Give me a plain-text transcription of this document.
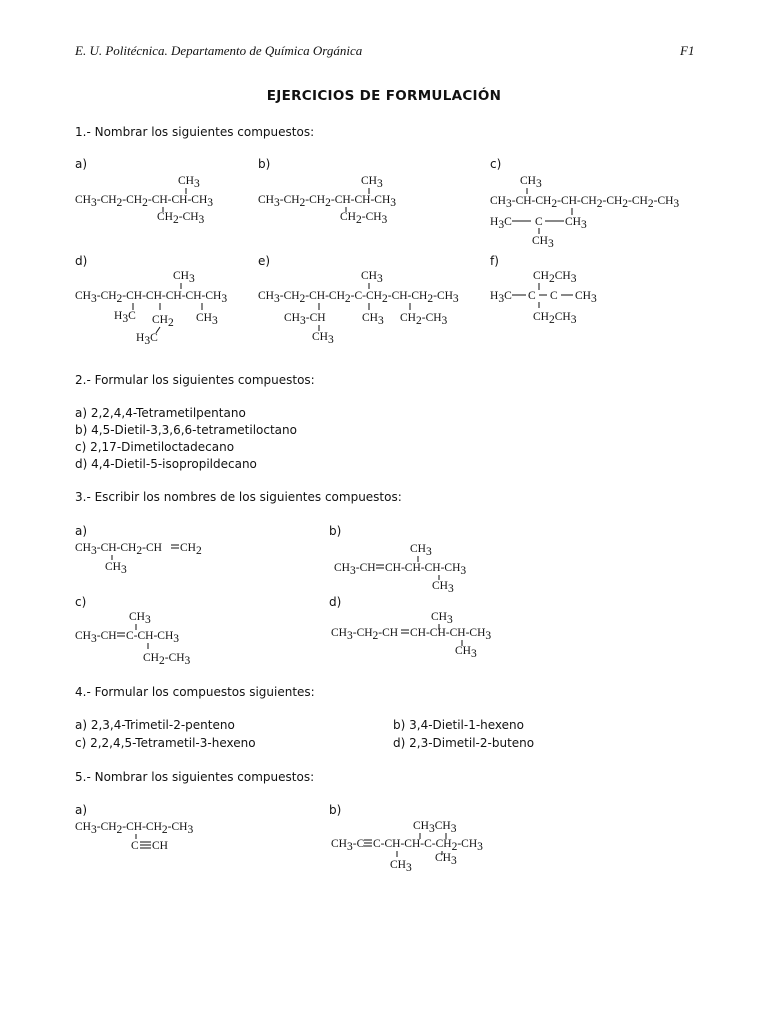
E. U. Politécnica. Departamento de Química Orgánica	F1
EJERCICIOS DE FORMULACIÓN
1.- Nombrar los siguientes compuestos:
a)	b)	c)
d)	e)	f)
CH3
CH3-CH2-CH2-CH-CH-CH3
CH2-CH3
CH3
CH3-CH2-CH2-CH-CH-CH3
CH2-CH3
CH3
CH3-CH-CH2-CH-CH2-CH2-CH2-CH3
H3C C CH3
CH3
CH3
CH3-CH2-CH-CH-CH-CH-CH3
H3C CH2 CH3
H3C
CH3
CH3-CH2-CH-CH2-C-CH2-CH-CH2-CH3
CH3-CH	CH3 CH2-CH3
CH3
CH2CH3
H3C C C CH3
CH2CH3
2.- Formular los siguientes compuestos:
a) 2,2,4,4-Tetrametilpentano
b) 4,5-Dietil-3,3,6,6-tetrametiloctano
c) 2,17-Dimetiloctadecano
d) 4,4-Dietil-5-isopropildecano
3.- Escribir los nombres de los siguientes compuestos:
a)	b)
c)	d)
CH3-CH-CH2-CH CH2
CH3
CH3
CH3-CH CH-CH-CH-CH3
CH3
CH3
CH3-CH C-CH-CH3
CH2-CH3
CH3
CH3-CH2-CH CH-CH-CH-CH3
CH3
4.- Formular los compuestos siguientes:
a) 2,3,4-Trimetil-2-penteno	b) 3,4-Dietil-1-hexeno
c) 2,2,4,5-Tetrametil-3-hexeno	d) 2,3-Dimetil-2-buteno
5.- Nombrar los siguientes compuestos:
a)	b)
CH3-CH2-CH-CH2-CH3
C CH
CH3CH3
CH3-C C-CH-CH-C-CH2-CH3
CH3
CH3
